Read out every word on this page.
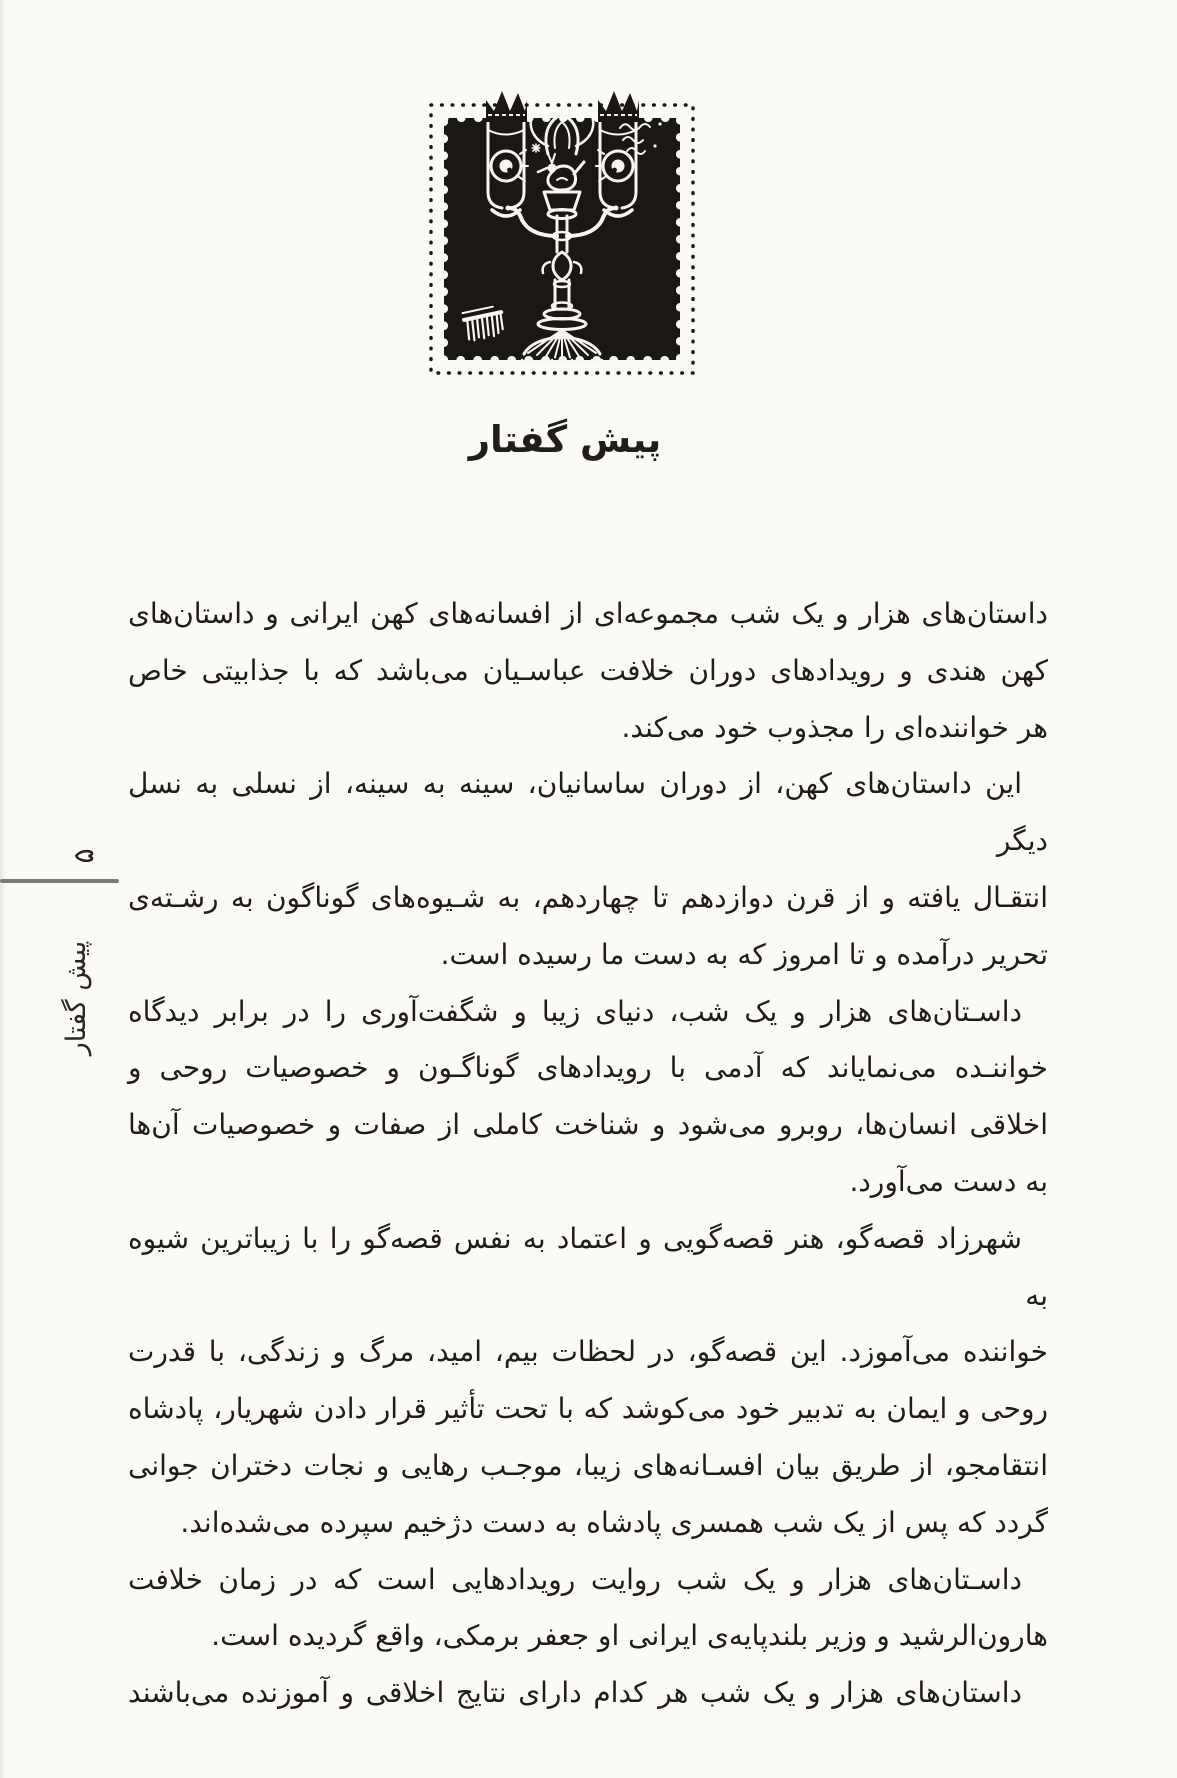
پیش گفتار
داستان‌های هزار و یک شب مجموعه‌ای از افسانه‌های کهن ایرانی و داستان‌های
کهن هندی و رویدادهای دوران خلافت عباسـیان می‌باشد که با جذابیتی خاص
هر خواننده‌ای را مجذوب خود می‌کند.
این داستان‌های کهن، از دوران ساسانیان، سینه به سینه، از نسلی به نسل دیگر
انتقـال یافته و از قرن دوازدهم تا چهاردهم، به شـیوه‌های گوناگون به رشـته‌ی
تحریر درآمده و تا امروز که به دست ما رسیده است.
داسـتان‌های هزار و یک شب، دنیای زیبا و شگفت‌آوری را در برابر دیدگاه
خواننـده می‌نمایاند که آدمی با رویدادهای گوناگـون و خصوصیات روحی و
اخلاقی انسان‌ها، روبرو می‌شود و شناخت کاملی از صفات و خصوصیات آن‌ها
به دست می‌آورد.
شهرزاد قصه‌گو، هنر قصه‌گویی و اعتماد به نفس قصه‌گو را با زیباترین شیوه به
خواننده می‌آموزد. این قصه‌گو، در لحظات بیم، امید، مرگ و زندگی، با قدرت
روحی و ایمان به تدبیر خود می‌کوشد که با تحت تأثیر قرار دادن شهریار، پادشاه
انتقامجو، از طریق بیان افسـانه‌های زیبا، موجـب رهایی و نجات دختران جوانی
گردد که پس از یک شب همسری پادشاه به دست دژخیم سپرده می‌شده‌اند.
داسـتان‌های هزار و یک شب روایت رویدادهایی است که در زمان خلافت
هارون‌الرشید و وزیر بلندپایه‌ی ایرانی او جعفر برمکی، واقع گردیده است.
داستان‌های هزار و یک شب هر کدام دارای نتایج اخلاقی و آموزنده می‌باشند
۵
پیش گفتار
